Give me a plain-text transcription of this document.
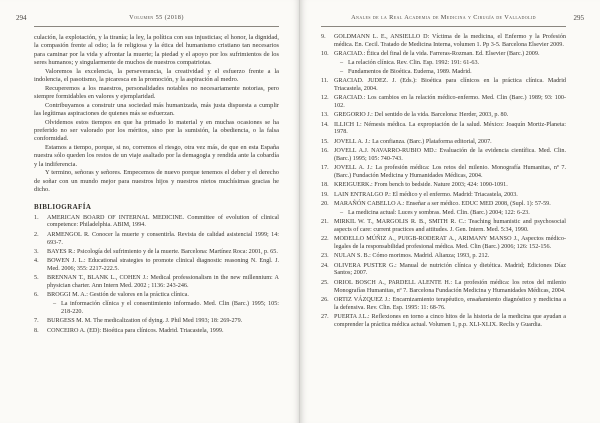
294	Volumen 55 (2018)

culación, la explotación, y la tiranía; la ley, la política con sus injusticias; el honor, la dignidad, la compasión frente al odio; la fe religiosa y la ética del humanismo cristiano tan necesarios para caminar por la vida y afrontar la muerte; la piedad y el apoyo por los sufrimientos de los seres humanos; y singularmente de muchos de nuestros compatriotas.

Valoremos la excelencia, la perseverancia, la creatividad y el esfuerzo frente a la indolencia, el pasotismo, la picaresca en la promoción, y la aspiración al medro.

Recuperemos a los maestros, personalidades notables no necesariamente notorias, pero siempre formidables en valores y ejemplaridad.

Contribuyamos a construir una sociedad más humanizada, más justa dispuesta a cumplir las legítimas aspiraciones de quienes más se esfuerzan.

Olvidemos estos tiempos en que ha primado lo material y en muchas ocasiones se ha preferido no ser valorado por los méritos, sino por la sumisión, la obediencia, o la falsa conformidad.

Estamos a tiempo, porque, si no, corremos el riesgo, otra vez más, de que en esta España nuestra sólo queden los restos de un viaje asaltado por la demagogia y rendida ante la cobardía y la indiferencia.

Y termino, señoras y señores. Empecemos de nuevo porque tenemos el deber y el derecho de soñar con un mundo mejor para nuestros hijos y nuestros nietos muchísimas gracias he dicho.

BIBLIOGRAFÍA
1.	AMERICAN BOARD OF INTERNAL MEDICINE. Committee of evolution of clinical competence: Philadelphia. ABIM, 1994.
2.	ARMENGOL R. Conocer la muerte y consentirla. Revista de calidad asistencial 1999; 14: 693-7.
3.	BAYES R.: Psicología del sufrimiento y de la muerte. Barcelona: Martínez Roca: 2001, p. 65.
4.	BOWEN J. L.: Educational strategies to promote clinical diagnostic reasoning N. Engl. J. Med. 2006; 355: 2217-222.5.
5.	BRENNAN T., BLANK L., COHEN J.: Medical professionalism in the new millennium: A physician charter. Ann Intern Med. 2002 ; 1136: 243-246.
6.	BROGGI M. A.: Gestión de valores en la práctica clínica.
– La información clínica y el consentimiento informado. Med. Clin (Barc.) 1995; 105: 218-220.
7.	BURGESS M. M. The medicalization of dying. J. Phil Med 1993; 18: 269-279.
8.	CONCEIRO A. (ED): Bioética para clínicos. Madrid. Triacastela, 1999.
295
Anales de la Real Academia de Medicina y Cirugía de Valladolid
9.	GOLDMANN L. E., ANSIELLO D: Víctima de la medicina, el Enfermo y la Profesión médica. En. Cecil. Tratado de Medicina Interna, volumen 1. Pp 3-5. Barcelona Elsevier 2009.
10. GRACIAD.: Ética del final de la vida. Farreras-Rozman. Ed. Elsevier (Barc.) 2009.
– La relación clínica. Rev. Clin. Esp. 1992: 191: 61-63.
– Fundamentos de Bioética. Eudema, 1989. Madrid.
11. GRACIAD. JUDEZ. J. (Eds.): Bioética para clínicos en la práctica clínica. Madrid Triacastela, 2004.
12. GRACIAD.: Los cambios en la relación médico-enfermo. Med. Clin (Barc.) 1989; 93: 100-102.
13. GREGORIO J.: Del sentido de la vida. Barcelona: Herder, 2003, p. 80.
14. ILLICH I.: Némesis médica. La expropiación de la salud. México: Joaquín Mortiz-Planeta: 1978.
15. JOVELL A. J.: La confianza. (Barc.) Plataforma editorial, 2007.
16. JOVELL A.J. NAVARRO-RUBIO MD.: Evaluación de la evidencia científica. Med. Clin. (Barc.) 1995; 105: 740-743.
17. JOVELL A. J.: La profesión médica: Los retos del milenio. Monografía Humanitas, nº 7. (Barc.) Fundación Medicina y Humanidades Médicas, 2004.
18. KREIGUERK.: From bench to bedside. Nature 2003; 424: 1090-1091.
19. LAIN ENTRALGO P.: El médico y el enfermo. Madrid: Triacastela, 2003.
20. MARAÑÓN CABELLO A.: Enseñar a ser médico. EDUC MED 2008, (Supl. 1): 57-59.
– La medicina actual: Luces y sombras. Med. Clin. (Barc.) 2004; 122: 6-23.
21. MIRKIL W. T., MARGOLIS R. B., SMITH R. C.: Teaching humanistic and psychosocial aspects of care: current practices and attitudes. J. Gen. Intern. Med. 5:34, 1990.
22. MODELLO MÚÑIZ A., PUIGB-RODERAT A., ARIMANY MANSO J., Aspectos médico-legales de la responsabilidad profesional médica. Med. Clin (Barc.) 2006; 126: 152-156.
23. NULAN S. B.: Cómo morimos. Madrid. Alianza; 1993, p. 212.
24. OLIVERA PUSTER G.: Manual de nutrición clínica y dietética. Madrid; Ediciones Díaz Santos; 2007.
25. ORIOL BOSCH A., PARDELL ALENTE H.: La profesión médica: los retos del milenio Monografías Humanitas, nº 7. Barcelona Fundación Medicina y Humanidades Médicas, 2004.
26. ORTIZ VÁZQUEZ J.: Encarnizamiento terapéutico, ensañamiento diagnóstico y medicina a la defensiva. Rev. Clin. Esp. 1995: 11: 68-76.
27. PUERTA J.L.: Reflexiones en torno a cinco hitos de la historia de la medicina que ayudan a comprender la práctica médica actual. Volumen 1, p.p. XLI-XLIX. Reclis y Guardia.
